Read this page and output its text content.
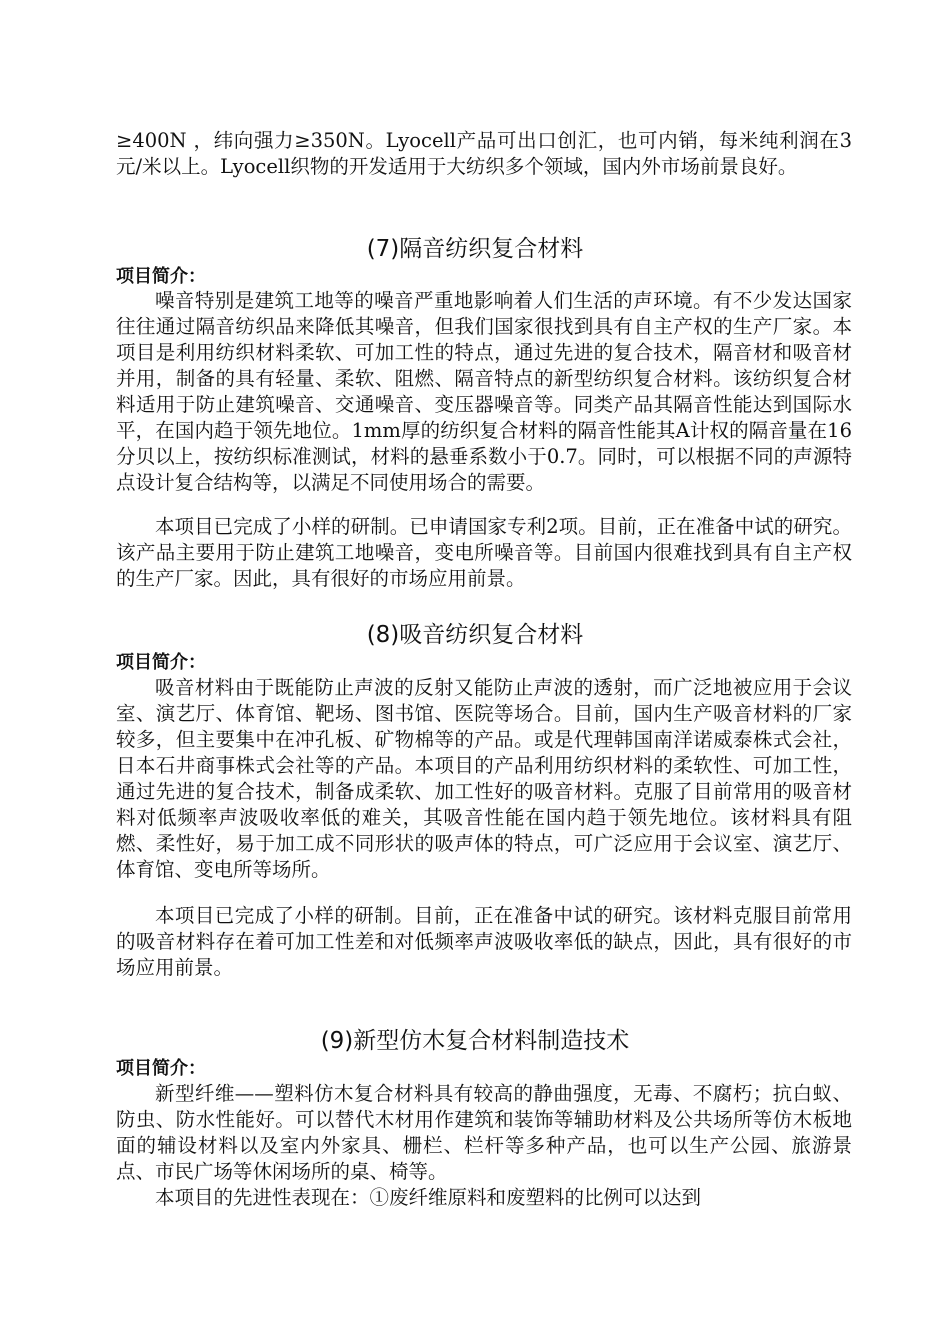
≥400N ，纬向强力≥350N。Lyocell产品可出口创汇，也可内销，每米纯利润在3元/米以上。Lyocell织物的开发适用于大纺织多个领域，国内外市场前景良好。

(7)隔音纺织复合材料
项目简介：

噪音特别是建筑工地等的噪音严重地影响着人们生活的声环境。有不少发达国家往往通过隔音纺织品来降低其噪音，但我们国家很找到具有自主产权的生产厂家。本项目是利用纺织材料柔软、可加工性的特点，通过先进的复合技术，隔音材和吸音材并用，制备的具有轻量、柔软、阻燃、隔音特点的新型纺织复合材料。该纺织复合材料适用于防止建筑噪音、交通噪音、变压器噪音等。同类产品其隔音性能达到国际水平，在国内趋于领先地位。1mm厚的纺织复合材料的隔音性能其A计权的隔音量在16分贝以上，按纺织标准测试，材料的悬垂系数小于0.7。同时，可以根据不同的声源特点设计复合结构等，以满足不同使用场合的需要。

本项目已完成了小样的研制。已申请国家专利2项。目前，正在准备中试的研究。该产品主要用于防止建筑工地噪音，变电所噪音等。目前国内很难找到具有自主产权的生产厂家。因此，具有很好的市场应用前景。

(8)吸音纺织复合材料
项目简介：

吸音材料由于既能防止声波的反射又能防止声波的透射，而广泛地被应用于会议室、演艺厅、体育馆、靶场、图书馆、医院等场合。目前，国内生产吸音材料的厂家较多，但主要集中在冲孔板、矿物棉等的产品。或是代理韩国南洋诺威泰株式会社，日本石井商事株式会社等的产品。本项目的产品利用纺织材料的柔软性、可加工性，通过先进的复合技术，制备成柔软、加工性好的吸音材料。克服了目前常用的吸音材料对低频率声波吸收率低的难关，其吸音性能在国内趋于领先地位。该材料具有阻燃、柔性好，易于加工成不同形状的吸声体的特点，可广泛应用于会议室、演艺厅、体育馆、变电所等场所。

本项目已完成了小样的研制。目前，正在准备中试的研究。该材料克服目前常用的吸音材料存在着可加工性差和对低频率声波吸收率低的缺点，因此，具有很好的市场应用前景。

(9)新型仿木复合材料制造技术
项目简介：

新型纤维——塑料仿木复合材料具有较高的静曲强度，无毒、不腐朽；抗白蚁、防虫、防水性能好。可以替代木材用作建筑和装饰等辅助材料及公共场所等仿木板地面的辅设材料以及室内外家具、栅栏、栏杆等多种产品，也可以生产公园、旅游景点、市民广场等休闲场所的桌、椅等。

本项目的先进性表现在：①废纤维原料和废塑料的比例可以达到
